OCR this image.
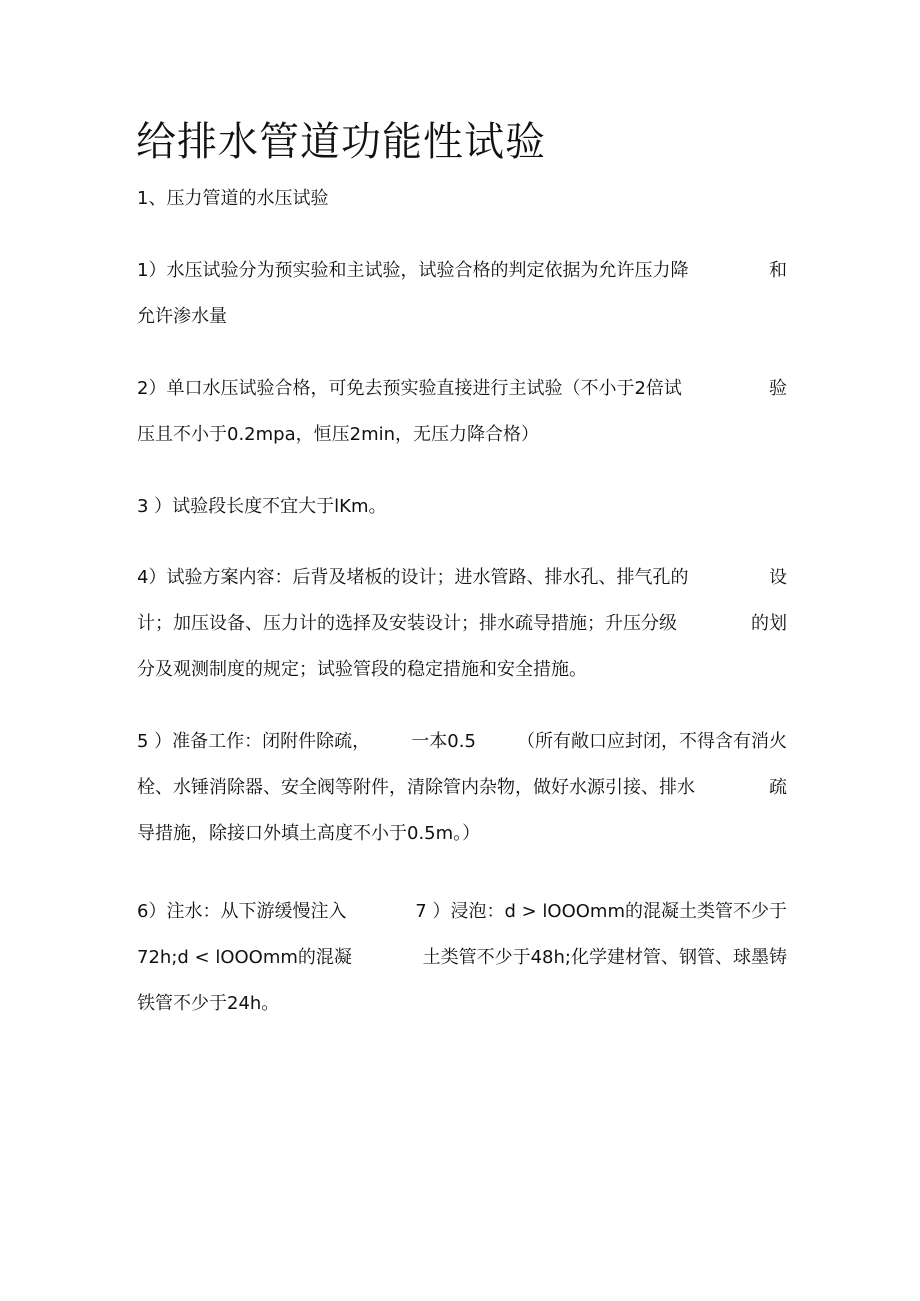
给排水管道功能性试验
1、压力管道的水压试验
1）水压试验分为预实验和主试验，试验合格的判定依据为允许压力降	和
允许渗水量
2）单口水压试验合格，可免去预实验直接进行主试验（不小于2倍试	验
压且不小于0.2mpa，恒压2min，无压力降合格）
3 ）试验段长度不宜大于lKm。
4）试验方案内容：后背及堵板的设计；进水管路、排水孔、排气孔的	设
计；加压设备、压力计的选择及安装设计；排水疏导措施；升压分级	的划
分及观测制度的规定；试验管段的稳定措施和安全措施。
5 ）准备工作：闭附件除疏， 一本0.5 （所有敞口应封闭，不得含有消火
栓、水锤消除器、安全阀等附件，清除管内杂物，做好水源引接、排水	疏
导措施，除接口外填土高度不小于0.5m。）
6）注水：从下游缓慢注入	7 ）浸泡：d > lOOOmm的混凝土类管不少于
72h;d < lOOOmm的混凝	土类管不少于48h;化学建材管、钢管、球墨铸
铁管不少于24h。
